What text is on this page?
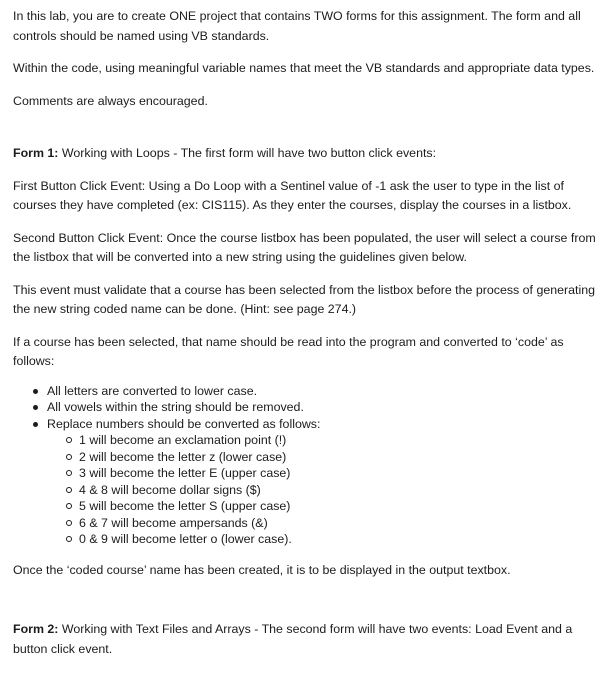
In this lab, you are to create ONE project that contains TWO forms for this assignment. The form and all controls should be named using VB standards.

Within the code, using meaningful variable names that meet the VB standards and appropriate data types.

Comments are always encouraged.

Form 1: Working with Loops - The first form will have two button click events:

First Button Click Event: Using a Do Loop with a Sentinel value of -1 ask the user to type in the list of courses they have completed (ex: CIS115). As they enter the courses, display the courses in a listbox.

Second Button Click Event: Once the course listbox has been populated, the user will select a course from the listbox that will be converted into a new string using the guidelines given below.

This event must validate that a course has been selected from the listbox before the process of generating the new string coded name can be done. (Hint: see page 274.)

If a course has been selected, that name should be read into the program and converted to ‘code’ as follows:

All letters are converted to lower case.
All vowels within the string should be removed.
Replace numbers should be converted as follows:
1 will become an exclamation point (!)
2 will become the letter z (lower case)
3 will become the letter E (upper case)
4 & 8 will become dollar signs ($)
5 will become the letter S (upper case)
6 & 7 will become ampersands (&)
0 & 9 will become letter o (lower case).

Once the ‘coded course’ name has been created, it is to be displayed in the output textbox.

Form 2: Working with Text Files and Arrays - The second form will have two events: Load Event and a button click event.
